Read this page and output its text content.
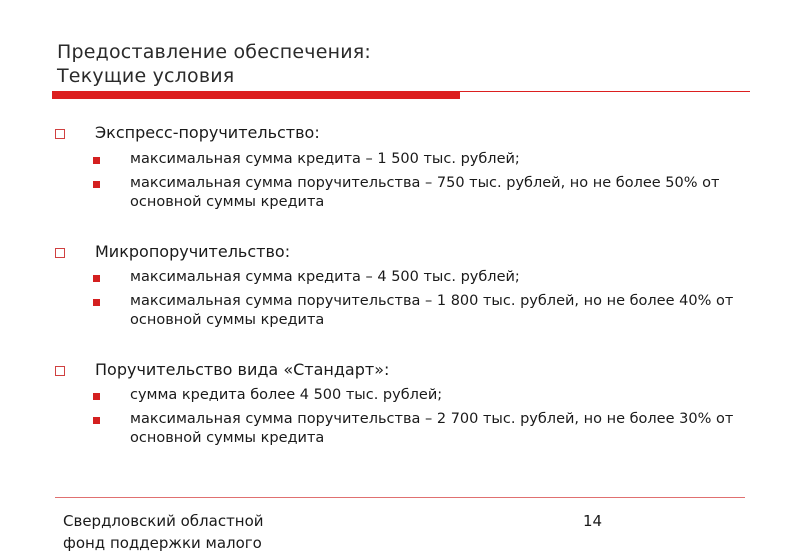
Предоставление обеспечения:
Текущие условия
Экспресс-поручительство:
максимальная сумма кредита – 1 500 тыс. рублей;
максимальная сумма поручительства – 750 тыс. рублей, но не более 50% от основной суммы кредита
Микропоручительство:
максимальная сумма кредита – 4 500 тыс. рублей;
максимальная сумма поручительства – 1 800 тыс. рублей, но не более 40% от основной суммы кредита
Поручительство вида «Стандарт»:
сумма кредита более 4 500 тыс. рублей;
максимальная сумма поручительства – 2 700 тыс. рублей, но не более 30% от основной суммы кредита
Свердловский областной
фонд поддержки малого
14
